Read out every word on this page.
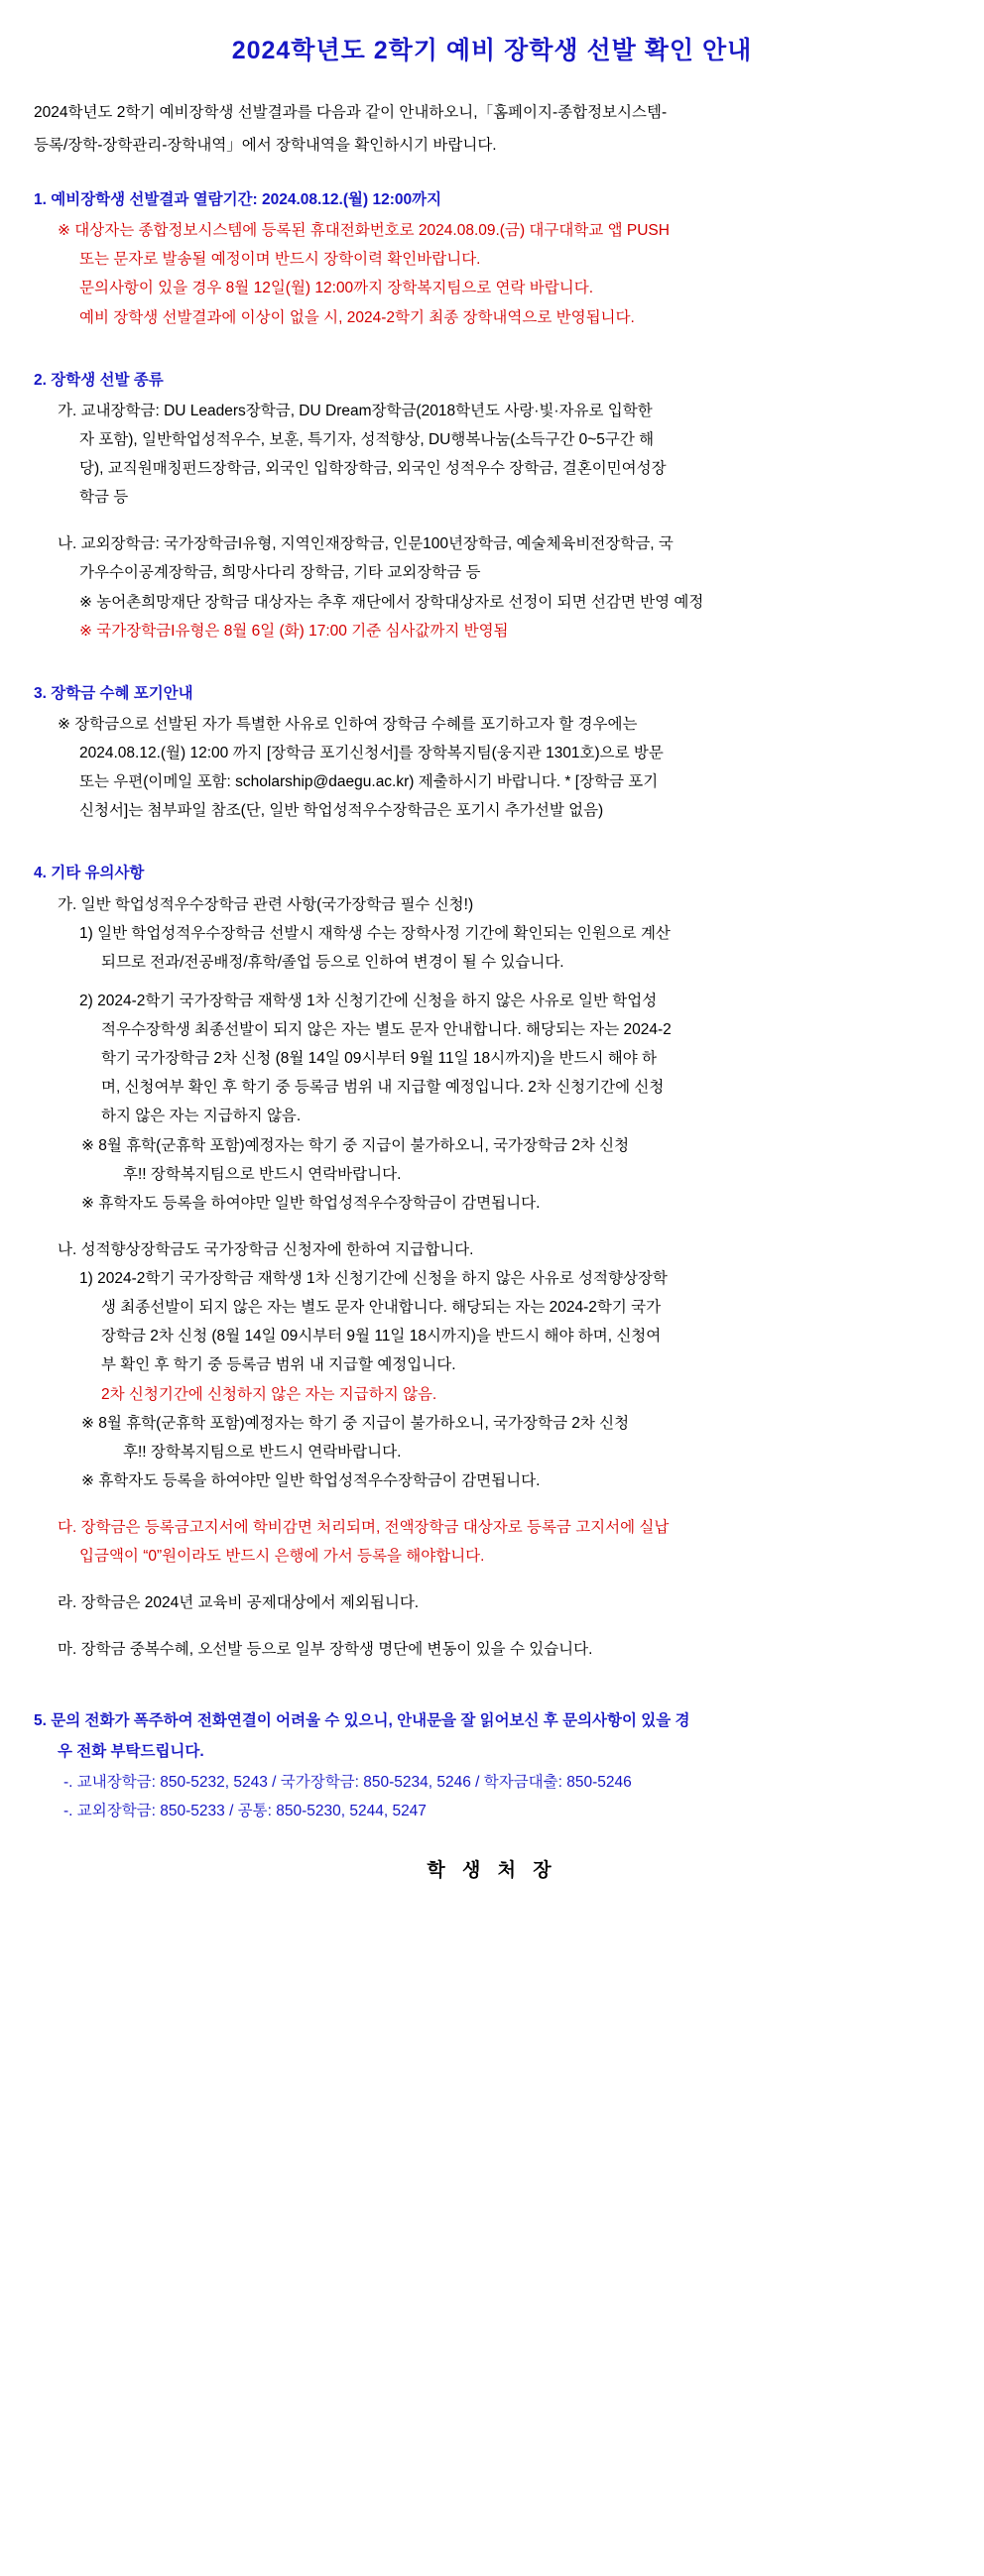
2024학년도 2학기 예비 장학생 선발 확인 안내

2024학년도 2학기 예비장학생 선발결과를 다음과 같이 안내하오니,「홈페이지-종합정보시스템-

등록/장학-장학관리-장학내역」에서 장학내역을 확인하시기 바랍니다.

1. 예비장학생 선발결과 열람기간: 2024.08.12.(월) 12:00까지

※ 대상자는 종합정보시스템에 등록된 휴대전화번호로 2024.08.09.(금) 대구대학교 앱 PUSH

또는 문자로 발송될 예정이며 반드시 장학이력 확인바랍니다.

문의사항이 있을 경우 8월 12일(월) 12:00까지 장학복지팀으로 연락 바랍니다.

예비 장학생 선발결과에 이상이 없을 시, 2024-2학기 최종 장학내역으로 반영됩니다.

2. 장학생 선발 종류

가. 교내장학금: DU Leaders장학금, DU Dream장학금(2018학년도 사랑·빛·자유로 입학한

자 포함), 일반학업성적우수, 보훈, 특기자, 성적향상, DU행복나눔(소득구간 0~5구간 해

당), 교직원매칭펀드장학금, 외국인 입학장학금, 외국인 성적우수 장학금, 결혼이민여성장

학금 등

나. 교외장학금: 국가장학금I유형, 지역인재장학금, 인문100년장학금, 예술체육비전장학금, 국

가우수이공계장학금, 희망사다리 장학금, 기타 교외장학금 등

※ 농어촌희망재단 장학금 대상자는 추후 재단에서 장학대상자로 선정이 되면 선감면 반영 예정

※ 국가장학금I유형은 8월 6일 (화) 17:00 기준 심사값까지 반영됨

3. 장학금 수혜 포기안내

※ 장학금으로 선발된 자가 특별한 사유로 인하여 장학금 수혜를 포기하고자 할 경우에는

2024.08.12.(월) 12:00 까지 [장학금 포기신청서]를 장학복지팀(웅지관 1301호)으로 방문

또는 우편(이메일 포함: scholarship@daegu.ac.kr) 제출하시기 바랍니다. * [장학금 포기

신청서]는 첨부파일 참조(단, 일반 학업성적우수장학금은 포기시 추가선발 없음)

4. 기타 유의사항

가. 일반 학업성적우수장학금 관련 사항(국가장학금 필수 신청!)

1) 일반 학업성적우수장학금 선발시 재학생 수는 장학사정 기간에 확인되는 인원으로 계산

되므로 전과/전공배정/휴학/졸업 등으로 인하여 변경이 될 수 있습니다.

2) 2024-2학기 국가장학금 재학생 1차 신청기간에 신청을 하지 않은 사유로 일반 학업성

적우수장학생 최종선발이 되지 않은 자는 별도 문자 안내합니다. 해당되는 자는 2024-2

학기 국가장학금 2차 신청 (8월 14일 09시부터 9월 11일 18시까지)을 반드시 해야 하

며, 신청여부 확인 후 학기 중 등록금 범위 내 지급할 예정입니다. 2차 신청기간에 신청

하지 않은 자는 지급하지 않음.

※ 8월 휴학(군휴학 포함)예정자는 학기 중 지급이 불가하오니, 국가장학금 2차 신청

후!! 장학복지팀으로 반드시 연락바랍니다.

※ 휴학자도 등록을 하여야만 일반 학업성적우수장학금이 감면됩니다.

나. 성적향상장학금도 국가장학금 신청자에 한하여 지급합니다.

1) 2024-2학기 국가장학금 재학생 1차 신청기간에 신청을 하지 않은 사유로 성적향상장학

생 최종선발이 되지 않은 자는 별도 문자 안내합니다. 해당되는 자는 2024-2학기 국가

장학금 2차 신청 (8월 14일 09시부터 9월 11일 18시까지)을 반드시 해야 하며, 신청여

부 확인 후 학기 중 등록금 범위 내 지급할 예정입니다.

2차 신청기간에 신청하지 않은 자는 지급하지 않음.

※ 8월 휴학(군휴학 포함)예정자는 학기 중 지급이 불가하오니, 국가장학금 2차 신청

후!! 장학복지팀으로 반드시 연락바랍니다.

※ 휴학자도 등록을 하여야만 일반 학업성적우수장학금이 감면됩니다.

다. 장학금은 등록금고지서에 학비감면 처리되며, 전액장학금 대상자로 등록금 고지서에 실납

입금액이 “0”원이라도 반드시 은행에 가서 등록을 해야합니다.

라. 장학금은 2024년 교육비 공제대상에서 제외됩니다.

마. 장학금 중복수혜, 오선발 등으로 일부 장학생 명단에 변동이 있을 수 있습니다.

5. 문의 전화가 폭주하여 전화연결이 어려울 수 있으니, 안내문을 잘 읽어보신 후 문의사항이 있을 경

우 전화 부탁드립니다.

-. 교내장학금: 850-5232, 5243 / 국가장학금: 850-5234, 5246 / 학자금대출: 850-5246

-. 교외장학금: 850-5233 / 공통: 850-5230, 5244, 5247

학 생 처 장
